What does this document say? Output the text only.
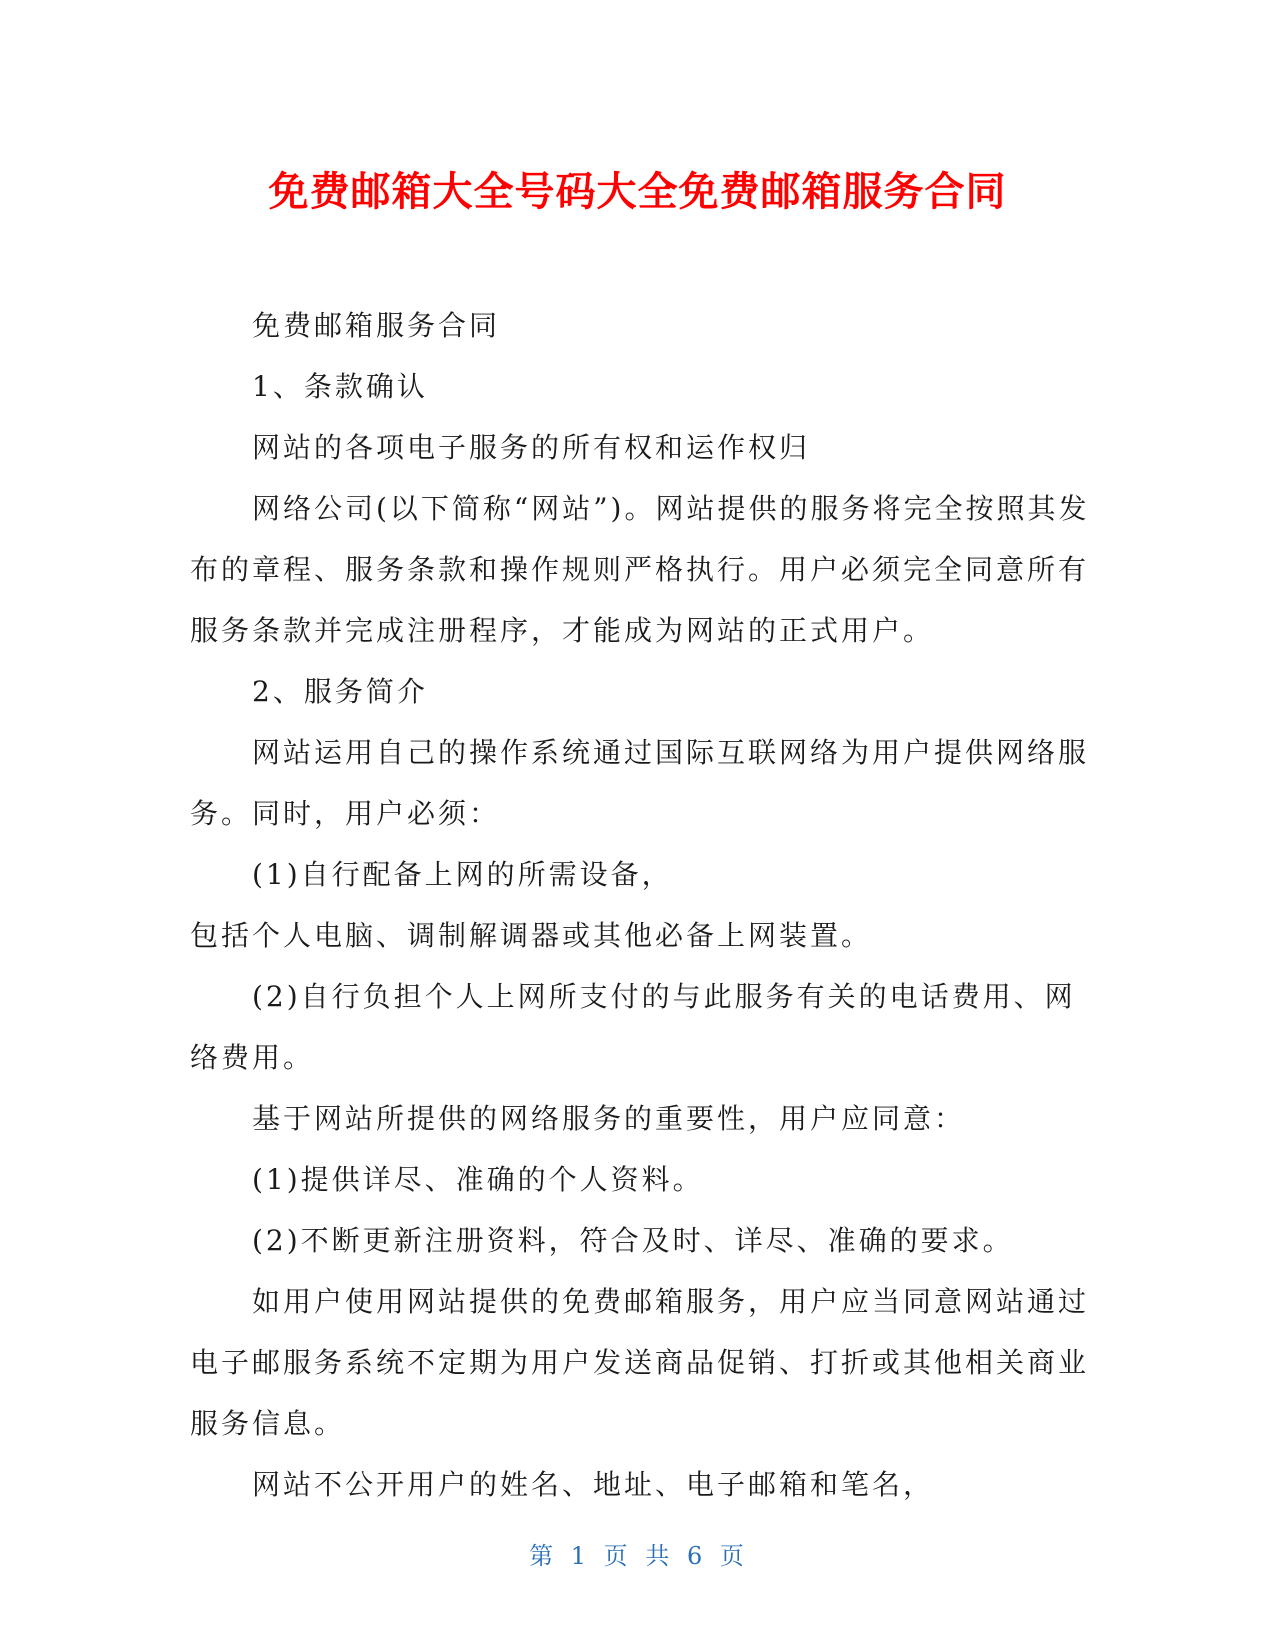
免费邮箱大全号码大全免费邮箱服务合同

免费邮箱服务合同

1、条款确认

网站的各项电子服务的所有权和运作权归

网络公司(以下简称“网站”)。网站提供的服务将完全按照其发布的章程、服务条款和操作规则严格执行。用户必须完全同意所有服务条款并完成注册程序，才能成为网站的正式用户。

2、服务简介

网站运用自己的操作系统通过国际互联网络为用户提供网络服务。同时，用户必须：

(1)自行配备上网的所需设备，

包括个人电脑、调制解调器或其他必备上网装置。

(2)自行负担个人上网所支付的与此服务有关的电话费用、网络费用。

基于网站所提供的网络服务的重要性，用户应同意：

(1)提供详尽、准确的个人资料。

(2)不断更新注册资料，符合及时、详尽、准确的要求。

如用户使用网站提供的免费邮箱服务，用户应当同意网站通过电子邮服务系统不定期为用户发送商品促销、打折或其他相关商业服务信息。

网站不公开用户的姓名、地址、电子邮箱和笔名，

第 1 页 共 6 页
